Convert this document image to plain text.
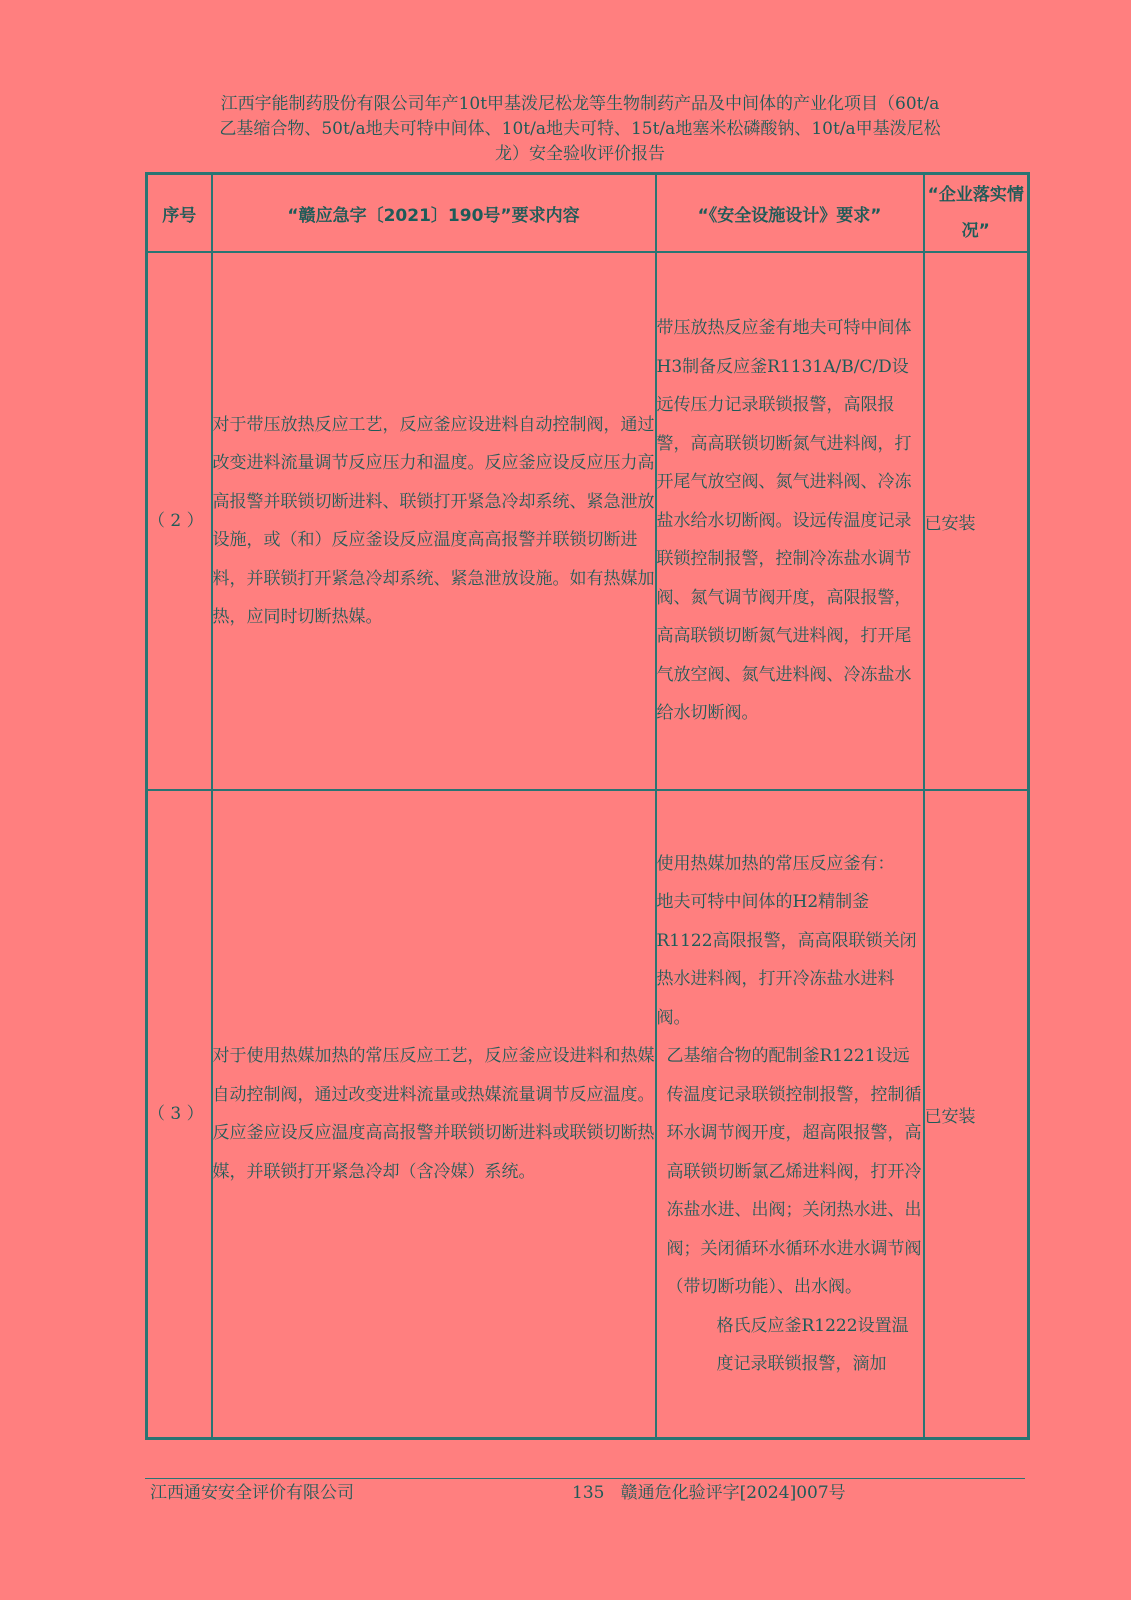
江西宇能制药股份有限公司年产10t甲基泼尼松龙等生物制药产品及中间体的产业化项目（60t/a
乙基缩合物、50t/a地夫可特中间体、10t/a地夫可特、15t/a地塞米松磷酸钠、10t/a甲基泼尼松
龙）安全验收评价报告
序号	“赣应急字〔2021〕190号”要求内容	“《安全设施设计》要求”	“企业落实情况”
（ 2 ）	对于带压放热反应工艺，反应釜应设进料自动控制阀，通过改变进料流量调节反应压力和温度。反应釜应设反应压力高高报警并联锁切断进料、联锁打开紧急冷却系统、紧急泄放设施，或（和）反应釜设反应温度高高报警并联锁切断进料，并联锁打开紧急冷却系统、紧急泄放设施。如有热媒加热，应同时切断热媒。	带压放热反应釜有地夫可特中间体H3制备反应釜R1131A/B/C/D设远传压力记录联锁报警，高限报警，高高联锁切断氮气进料阀，打开尾气放空阀、氮气进料阀、冷冻盐水给水切断阀。设远传温度记录联锁控制报警，控制冷冻盐水调节阀、氮气调节阀开度，高限报警，高高联锁切断氮气进料阀，打开尾气放空阀、氮气进料阀、冷冻盐水给水切断阀。	已安装
（ 3 ）	对于使用热媒加热的常压反应工艺，反应釜应设进料和热媒自动控制阀，通过改变进料流量或热媒流量调节反应温度。反应釜应设反应温度高高报警并联锁切断进料或联锁切断热媒，并联锁打开紧急冷却（含冷媒）系统。	使用热媒加热的常压反应釜有：
地夫可特中间体的H2精制釜R1122高限报警，高高限联锁关闭热水进料阀，打开冷冻盐水进料阀。
乙基缩合物的配制釜R1221设远传温度记录联锁控制报警，控制循环水调节阀开度，超高限报警，高高联锁切断氯乙烯进料阀，打开冷冻盐水进、出阀；关闭热水进、出阀；关闭循环水循环水进水调节阀（带切断功能）、出水阀。
格氏反应釜R1222设置温度记录联锁报警，滴加	已安装
江西通安安全评价有限公司	135 赣通危化验评字[2024]007号
